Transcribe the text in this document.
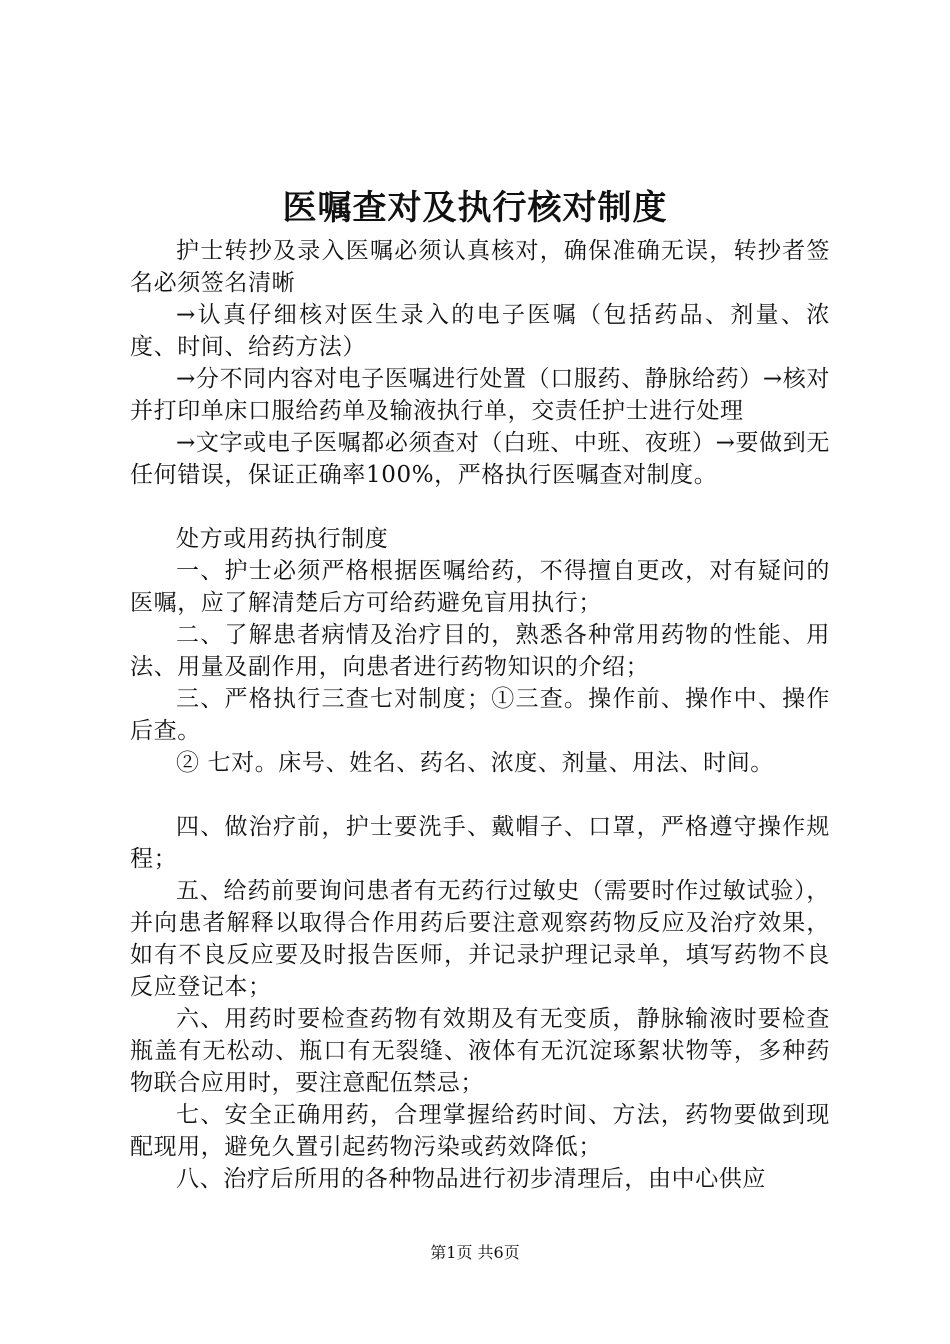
医嘱查对及执行核对制度

护士转抄及录入医嘱必须认真核对，确保准确无误，转抄者签名必须签名清晰

→认真仔细核对医生录入的电子医嘱（包括药品、剂量、浓度、时间、给药方法）

→分不同内容对电子医嘱进行处置（口服药、静脉给药）→核对并打印单床口服给药单及输液执行单，交责任护士进行处理

→文字或电子医嘱都必须查对（白班、中班、夜班）→要做到无任何错误，保证正确率100%，严格执行医嘱查对制度。

处方或用药执行制度

一、护士必须严格根据医嘱给药，不得擅自更改，对有疑问的医嘱，应了解清楚后方可给药避免盲用执行；

二、了解患者病情及治疗目的，熟悉各种常用药物的性能、用法、用量及副作用，向患者进行药物知识的介绍；

三、严格执行三查七对制度；①三查。操作前、操作中、操作后查。

② 七对。床号、姓名、药名、浓度、剂量、用法、时间。

四、做治疗前，护士要洗手、戴帽子、口罩，严格遵守操作规程；

五、给药前要询问患者有无药行过敏史（需要时作过敏试验），并向患者解释以取得合作用药后要注意观察药物反应及治疗效果，如有不良反应要及时报告医师，并记录护理记录单，填写药物不良反应登记本；

六、用药时要检查药物有效期及有无变质，静脉输液时要检查瓶盖有无松动、瓶口有无裂缝、液体有无沉淀琢絮状物等，多种药物联合应用时，要注意配伍禁忌；

七、安全正确用药，合理掌握给药时间、方法，药物要做到现配现用，避免久置引起药物污染或药效降低；

八、治疗后所用的各种物品进行初步清理后，由中心供应

第1页 共6页
